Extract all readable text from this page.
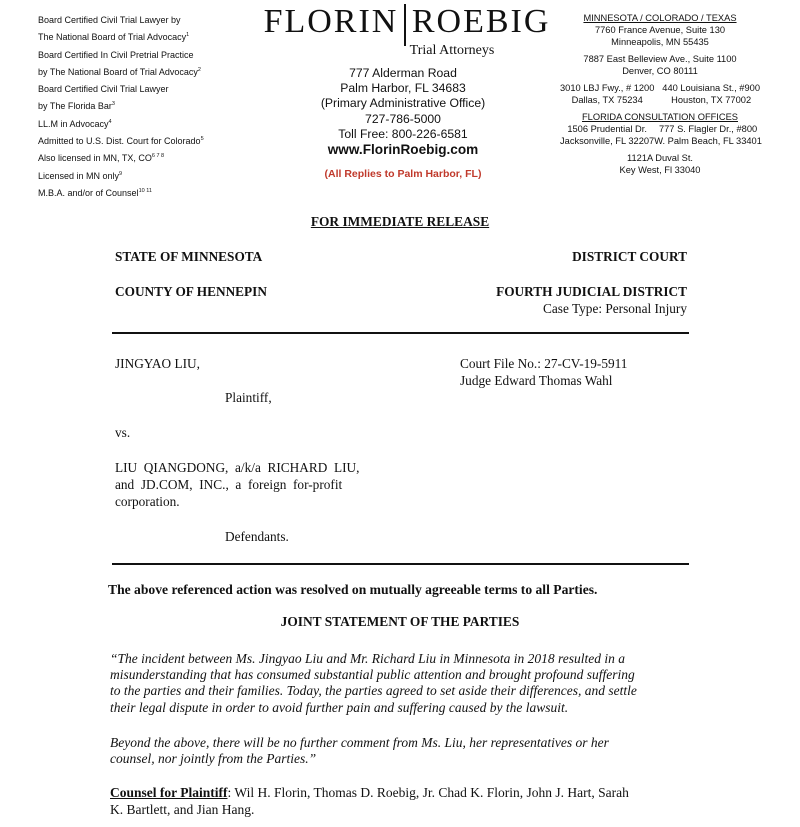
Board Certified Civil Trial Lawyer by
The National Board of Trial Advocacy$^1$
Board Certified In Civil Pretrial Practice
by The National Board of Trial Advocacy$^2$
Board Certified Civil Trial Lawyer
by The Florida Bar$^3$
LL.M in Advocacy$^4$
Admitted to U.S. Dist. Court for Colorado$^5$
Also licensed in MN, TX, $CO^{6 7 8}$
Licensed in MN only$^9$
M.B.A. and/or of Counsel$^{10 11}$
FLORIN ROEBIG
Trial Attorneys
777 Alderman Road
Palm Harbor, FL 34683
(Primary Administrative Office)
727-786-5000
Toll Free: 800-226-6581
www.FlorinRoebig.com
(All Replies to Palm Harbor, FL)
MINNESOTA / COLORADO / TEXAS
7760 France Avenue, Suite 130
Minneapolis, MN 55435
7887 East Belleview Ave., Suite 1100
Denver, CO 80111
3010 LBJ Fwy., # 1200
Dallas, TX 75234
440 Louisiana St., #900
Houston, TX 77002
FLORIDA CONSULTATION OFFICES
1506 Prudential Dr.
Jacksonville, FL 32207
777 S. Flagler Dr., #800
W. Palm Beach, FL 33401
1121A Duval St.
Key West, Fl 33040
FOR IMMEDIATE RELEASE
STATE OF MINNESOTA	DISTRICT COURT
COUNTY OF HENNEPIN	FOURTH JUDICIAL DISTRICT
Case Type: Personal Injury
JINGYAO LIU,	Court File No.: 27-CV-19-5911
Judge Edward Thomas Wahl
Plaintiff,
vs.
LIU  QIANGDONG,  a/k/a  RICHARD  LIU,
and  JD.COM,  INC.,  a  foreign  for-profit
corporation.
Defendants.
The above referenced action was resolved on mutually agreeable terms to all Parties.
JOINT STATEMENT OF THE PARTIES
“The incident between Ms. Jingyao Liu and Mr. Richard Liu in Minnesota in 2018 resulted in a
misunderstanding that has consumed substantial public attention and brought profound suffering
to the parties and their families. Today, the parties agreed to set aside their differences, and settle
their legal dispute in order to avoid further pain and suffering caused by the lawsuit.
Beyond the above, there will be no further comment from Ms. Liu, her representatives or her
counsel, nor jointly from the Parties.”
Counsel for Plaintiff: Wil H. Florin, Thomas D. Roebig, Jr. Chad K. Florin, John J. Hart, Sarah
K. Bartlett, and Jian Hang.
